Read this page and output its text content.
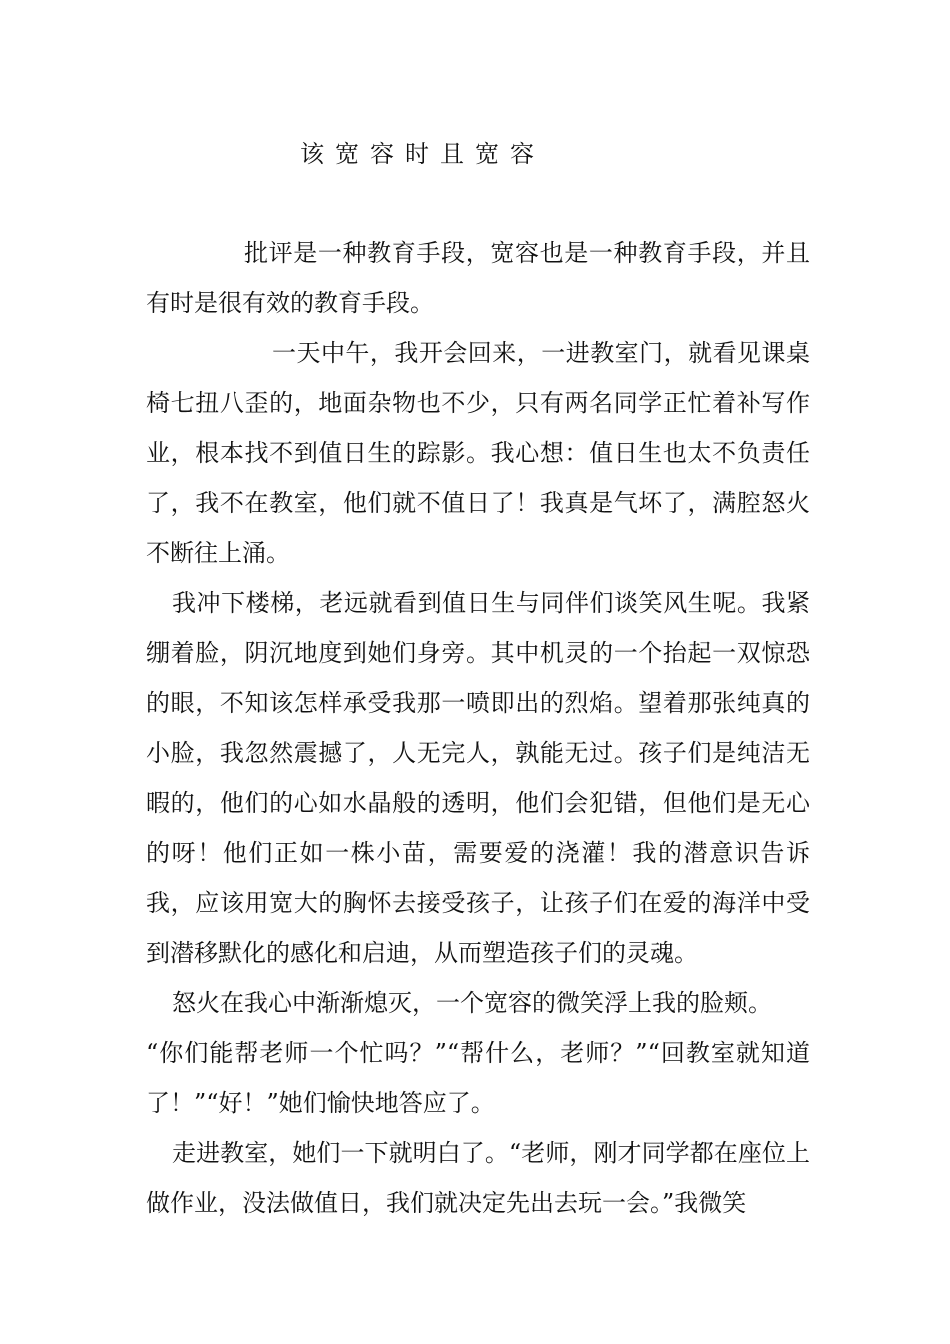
该宽容时且宽容

批评是一种教育手段，宽容也是一种教育手段，并且有时是很有效的教育手段。

一天中午，我开会回来，一进教室门，就看见课桌椅七扭八歪的，地面杂物也不少，只有两名同学正忙着补写作业，根本找不到值日生的踪影。我心想：值日生也太不负责任了，我不在教室，他们就不值日了！我真是气坏了，满腔怒火不断往上涌。

我冲下楼梯，老远就看到值日生与同伴们谈笑风生呢。我紧绷着脸，阴沉地度到她们身旁。其中机灵的一个抬起一双惊恐的眼，不知该怎样承受我那一喷即出的烈焰。望着那张纯真的小脸，我忽然震撼了，人无完人，孰能无过。孩子们是纯洁无暇的，他们的心如水晶般的透明，他们会犯错，但他们是无心的呀！他们正如一株小苗，需要爱的浇灌！我的潜意识告诉我，应该用宽大的胸怀去接受孩子，让孩子们在爱的海洋中受到潜移默化的感化和启迪，从而塑造孩子们的灵魂。

怒火在我心中渐渐熄灭，一个宽容的微笑浮上我的脸颊。

“你们能帮老师一个忙吗？”“帮什么，老师？”“回教室就知道了！”“好！”她们愉快地答应了。

走进教室，她们一下就明白了。“老师，刚才同学都在座位上做作业，没法做值日，我们就决定先出去玩一会。”我微笑
